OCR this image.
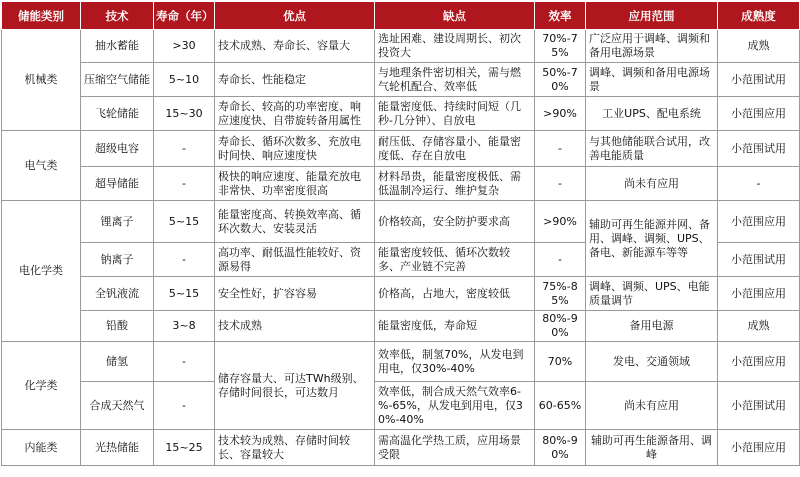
储能类别	技术	寿命（年）	优点	缺点	效率	应用范围	成熟度
机械类	抽水蓄能	>30	技术成熟、寿命长、容量大	选址困难、建设周期长、初次投资大	70%-75%	广泛应用于调峰、调频和备用电源场景	成熟
	压缩空气储能	5~10	寿命长、性能稳定	与地理条件密切相关，需与燃气轮机配合、效率低	50%-70%	调峰、调频和备用电源场景	小范围试用
	飞轮储能	15~30	寿命长、较高的功率密度、响应速度快、自带旋转备用属性	能量密度低、持续时间短（几秒-几分钟）、自放电	>90%	工业UPS、配电系统	小范围应用
电气类	超级电容	-	寿命长、循环次数多、充放电时间快、响应速度快	耐压低、存储容量小、能量密度低、存在自放电	-	与其他储能联合试用，改善电能质量	小范围试用
	超导储能	-	极快的响应速度、能量充放电非常快、功率密度很高	材料昂贵，能量密度极低、需低温制冷运行、维护复杂	-	尚未有应用	-
电化学类	锂离子	5~15	能量密度高、转换效率高、循环次数大、安装灵活	价格较高，安全防护要求高	>90%	辅助可再生能源并网、备用、调峰、调频、UPS、备电、新能源车等等	小范围应用
	钠离子	-	高功率、耐低温性能较好、资源易得	能量密度较低、循环次数较多、产业链不完善	-		小范围试用
	全钒液流	5~15	安全性好，扩容容易	价格高，占地大，密度较低	75%-85%	调峰、调频、UPS、电能质量调节	小范围应用
	铅酸	3~8	技术成熟	能量密度低，寿命短	80%-90%	备用电源	成熟
化学类	储氢	-	储存容量大、可达TWh级别、存储时间很长，可达数月	效率低，制氢70%，从发电到用电，仅30%-40%	70%	发电、交通领域	小范围应用
	合成天然气	-		效率低，制合成天然气效率6-%-65%，从发电到用电，仅30%-40%	60-65%	尚未有应用	小范围试用
内能类	光热储能	15~25	技术较为成熟、存储时间较长、容量较大	需高温化学热工质，应用场景受限	80%-90%	辅助可再生能源备用、调峰	小范围应用
